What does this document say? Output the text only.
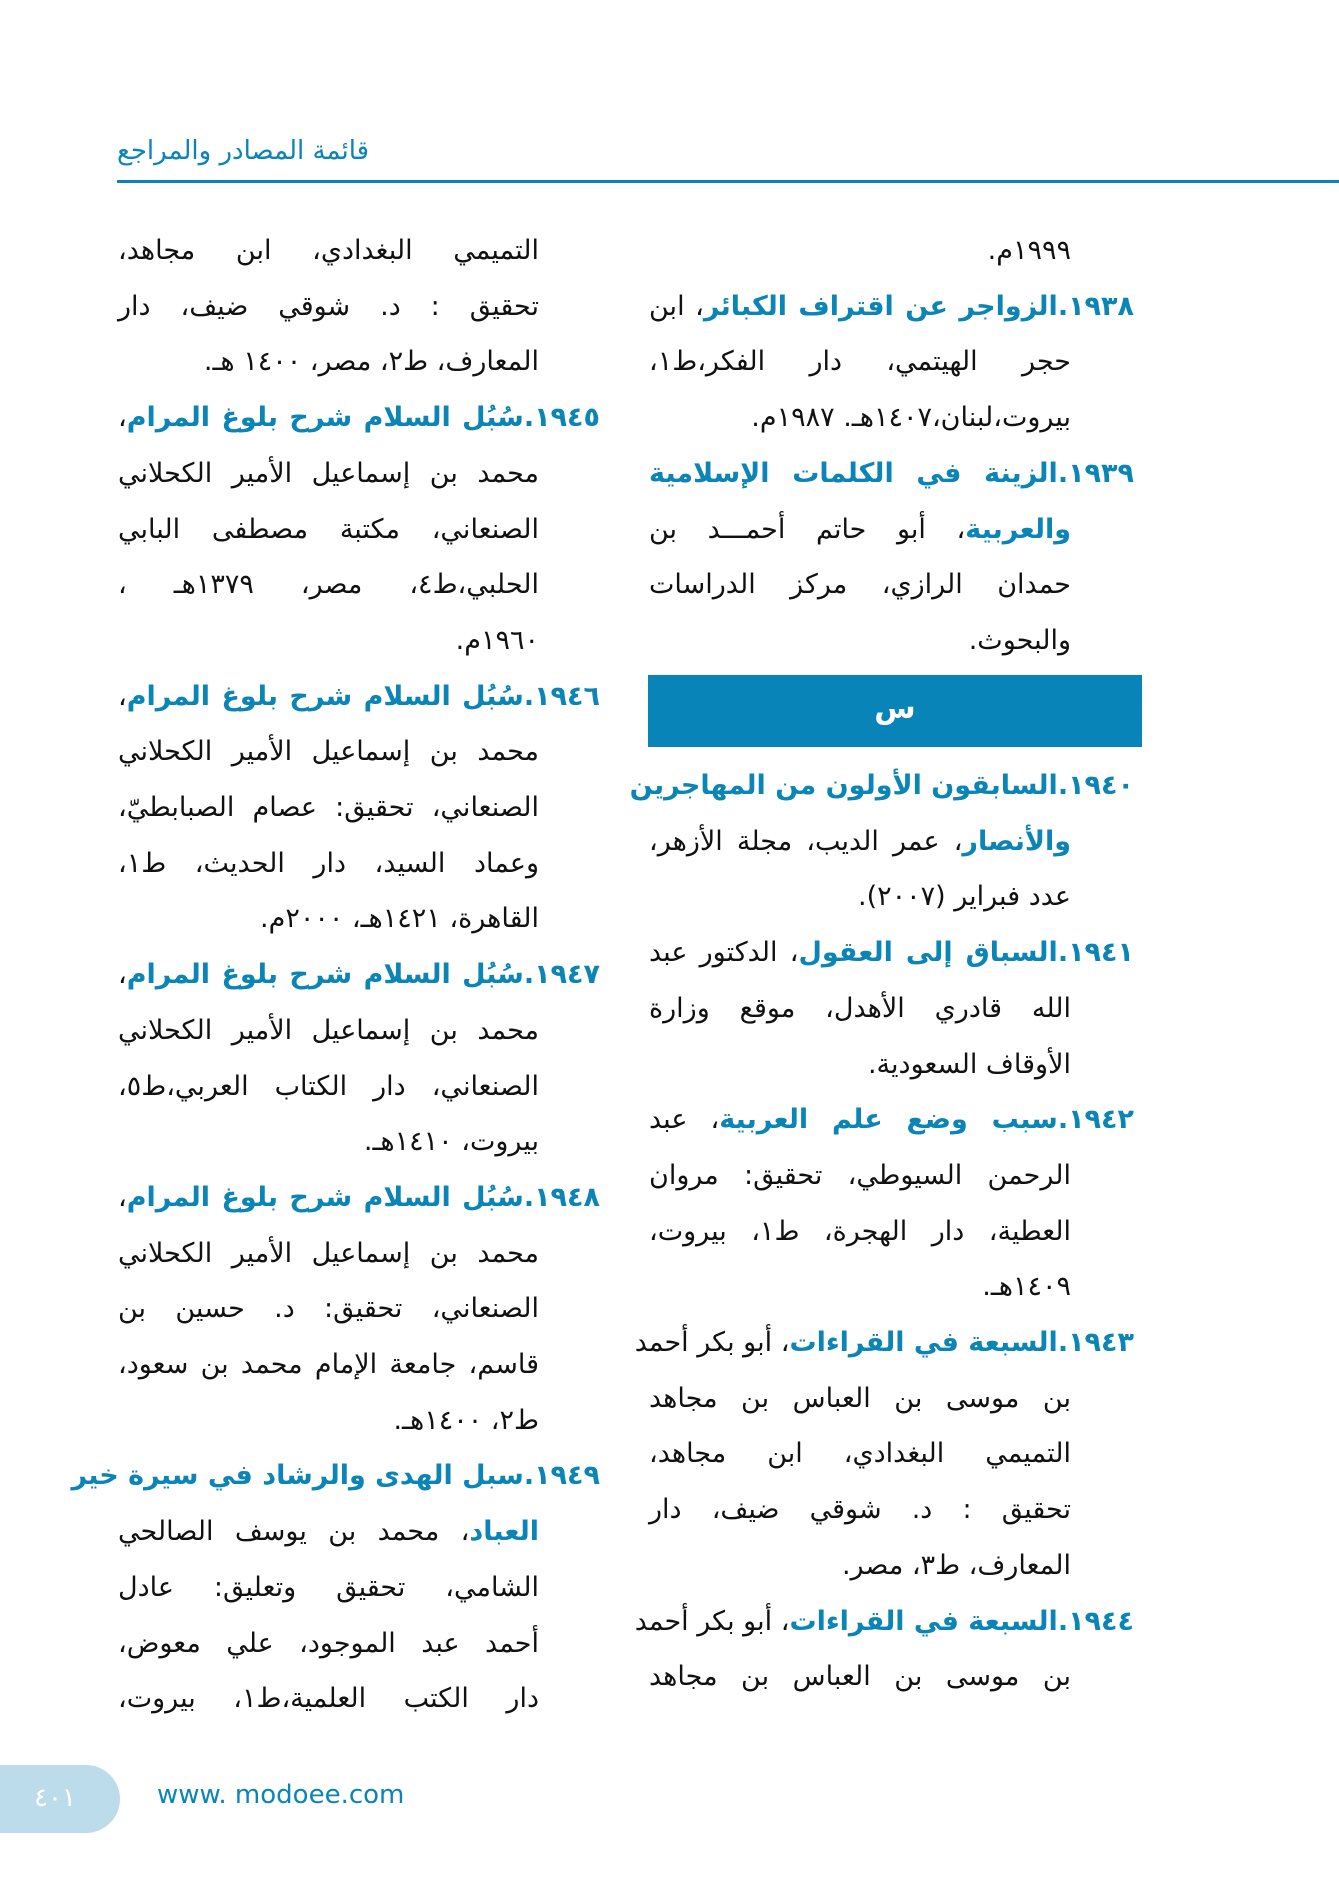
قائمة المصادر والمراجع
١٩٩٩م.
١٩٣٨.الزواجر عن اقتراف الكبائر، ابن
حجر الهيتمي، دار الفكر،ط١،
بيروت،لبنان،١٤٠٧هـ. ١٩٨٧م.
١٩٣٩.الزينة في الكلمات الإسلامية
والعربية، أبو حاتم أحمـــد بن
حمدان الرازي، مركز الدراسات
والبحوث.
١٩٤٠.السابقون الأولون من المهاجرين
والأنصار، عمر الديب، مجلة الأزهر،
عدد فبراير (٢٠٠٧).
١٩٤١.السباق إلى العقول، الدكتور عبد
الله قادري الأهدل، موقع وزارة
الأوقاف السعودية.
١٩٤٢.سبب وضع علم العربية، عبد
الرحمن السيوطي، تحقيق: مروان
العطية، دار الهجرة، ط١، بيروت،
١٤٠٩هـ.
١٩٤٣.السبعة في القراءات، أبو بكر أحمد
بن موسى بن العباس بن مجاهد
التميمي البغدادي، ابن مجاهد،
تحقيق : د. شوقي ضيف، دار
المعارف، ط٣، مصر.
١٩٤٤.السبعة في القراءات، أبو بكر أحمد
بن موسى بن العباس بن مجاهد
س
التميمي البغدادي، ابن مجاهد،
تحقيق : د. شوقي ضيف، دار
المعارف، ط٢، مصر، ١٤٠٠ هـ.
١٩٤٥.سُبُل السلام شرح بلوغ المرام،
محمد بن إسماعيل الأمير الكحلاني
الصنعاني، مكتبة مصطفى البابي
الحلبي،ط٤، مصر، ١٣٧٩هـ ،
١٩٦٠م.
١٩٤٦.سُبُل السلام شرح بلوغ المرام،
محمد بن إسماعيل الأمير الكحلاني
الصنعاني، تحقيق: عصام الصبابطيّ،
وعماد السيد، دار الحديث، ط١،
القاهرة، ١٤٢١هـ، ٢٠٠٠م.
١٩٤٧.سُبُل السلام شرح بلوغ المرام،
محمد بن إسماعيل الأمير الكحلاني
الصنعاني، دار الكتاب العربي،ط٥،
بيروت، ١٤١٠هـ.
١٩٤٨.سُبُل السلام شرح بلوغ المرام،
محمد بن إسماعيل الأمير الكحلاني
الصنعاني، تحقيق: د. حسين بن
قاسم، جامعة الإمام محمد بن سعود،
ط٢، ١٤٠٠هـ.
١٩٤٩.سبل الهدى والرشاد في سيرة خير
العباد، محمد بن يوسف الصالحي
الشامي، تحقيق وتعليق: عادل
أحمد عبد الموجود، علي معوض،
دار الكتب العلمية،ط١، بيروت،
٤٠١	www. modoee.com
